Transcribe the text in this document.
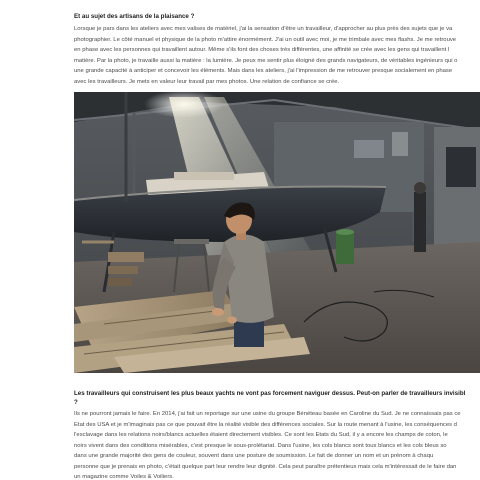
Et au sujet des artisans de la plaisance ?
Lorsque je pars dans les ateliers avec mes valises de matériel, j'ai la sensation d'être un travailleur, d'approcher au plus près des sujets que je va
photographier. Le côté manuel et physique de la photo m'attire énormément. J'ai un outil avec moi, je me trimbale avec mes flashs. Je me retrouve
en phase avec les personnes qui travaillent autour. Même s'ils font des choses très différentes, une affinité se crée avec les gens qui travaillent l
matière. Par la photo, je travaille aussi la matière : la lumière. Je peux me sentir plus éloigné des grands navigateurs, de véritables ingénieurs qui o
une grande capacité à anticiper et concevoir les éléments. Mais dans les ateliers, j'ai l'impression de me retrouver presque socialement en phase
avec les travailleurs. Je mets en valeur leur travail par mes photos. Une relation de confiance se crée.
Les travailleurs qui construisent les plus beaux yachts ne vont pas forcement naviguer dessus. Peut-on parler de travailleurs invisibl
?
Ils ne pourront jamais le faire. En 2014, j'ai fait un reportage sur une usine du groupe Bénéteau basée en Caroline du Sud. Je ne connaissais pas ce
Etat des USA et je m'imaginais pas ce que pouvait être la réalité visible des différences sociales. Sur la route menant à l'usine, les conséquences d
l'esclavage dans les relations noirs/blancs actuelles étaient directement visibles. Ce sont les Etats du Sud, il y a encore les champs de coton, le
noirs vivent dans des conditions misérables, c'est presque le sous-prolétariat. Dans l'usine, les cols blancs sont tous blancs et les cols bleus so
dans une grande majorité des gens de couleur, souvent dans une posture de soumission. Le fait de donner un nom et un prénom à chaqu
personne que je prenais en photo, c'était quelque part leur rendre leur dignité. Cela peut paraître prétentieux mais cela m'intéressait de le faire dan
un magazine comme Voiles & Voiliers.
